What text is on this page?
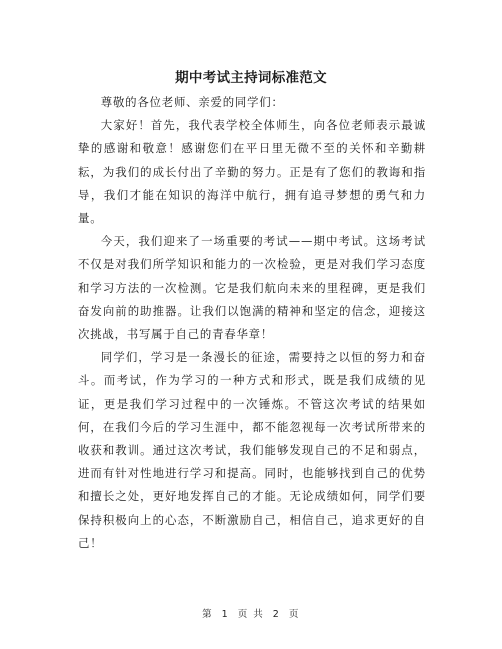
期中考试主持词标准范文

尊敬的各位老师、亲爱的同学们：

大家好！首先，我代表学校全体师生，向各位老师表示最诚挚的感谢和敬意！感谢您们在平日里无微不至的关怀和辛勤耕耘，为我们的成长付出了辛勤的努力。正是有了您们的教诲和指导，我们才能在知识的海洋中航行，拥有追寻梦想的勇气和力量。

今天，我们迎来了一场重要的考试——期中考试。这场考试不仅是对我们所学知识和能力的一次检验，更是对我们学习态度和学习方法的一次检测。它是我们航向未来的里程碑，更是我们奋发向前的助推器。让我们以饱满的精神和坚定的信念，迎接这次挑战，书写属于自己的青春华章！

同学们，学习是一条漫长的征途，需要持之以恒的努力和奋斗。而考试，作为学习的一种方式和形式，既是我们成绩的见证，更是我们学习过程中的一次锤炼。不管这次考试的结果如何，在我们今后的学习生涯中，都不能忽视每一次考试所带来的收获和教训。通过这次考试，我们能够发现自己的不足和弱点，进而有针对性地进行学习和提高。同时，也能够找到自己的优势和擅长之处，更好地发挥自己的才能。无论成绩如何，同学们要保持积极向上的心态，不断激励自己，相信自己，追求更好的自己！

第 1 页 共 2 页
